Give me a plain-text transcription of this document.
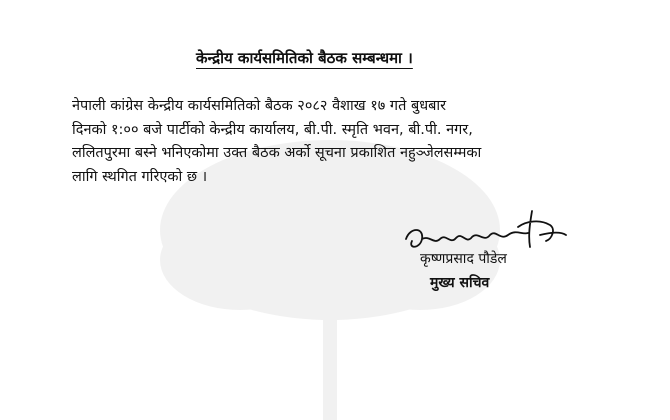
केन्द्रीय कार्यसमितिको बैठक सम्बन्धमा ।
नेपाली कांग्रेस केन्द्रीय कार्यसमितिको बैठक २०८२ वैशाख १७ गते बुधबार
दिनको १:०० बजे पार्टीको केन्द्रीय कार्यालय, बी.पी. स्मृति भवन, बी.पी. नगर,
ललितपुरमा बस्ने भनिएकोमा उक्त बैठक अर्को सूचना प्रकाशित नहुञ्जेलसम्मका
लागि स्थगित गरिएको छ ।
कृष्णप्रसाद पौडेल
मुख्य सचिव
